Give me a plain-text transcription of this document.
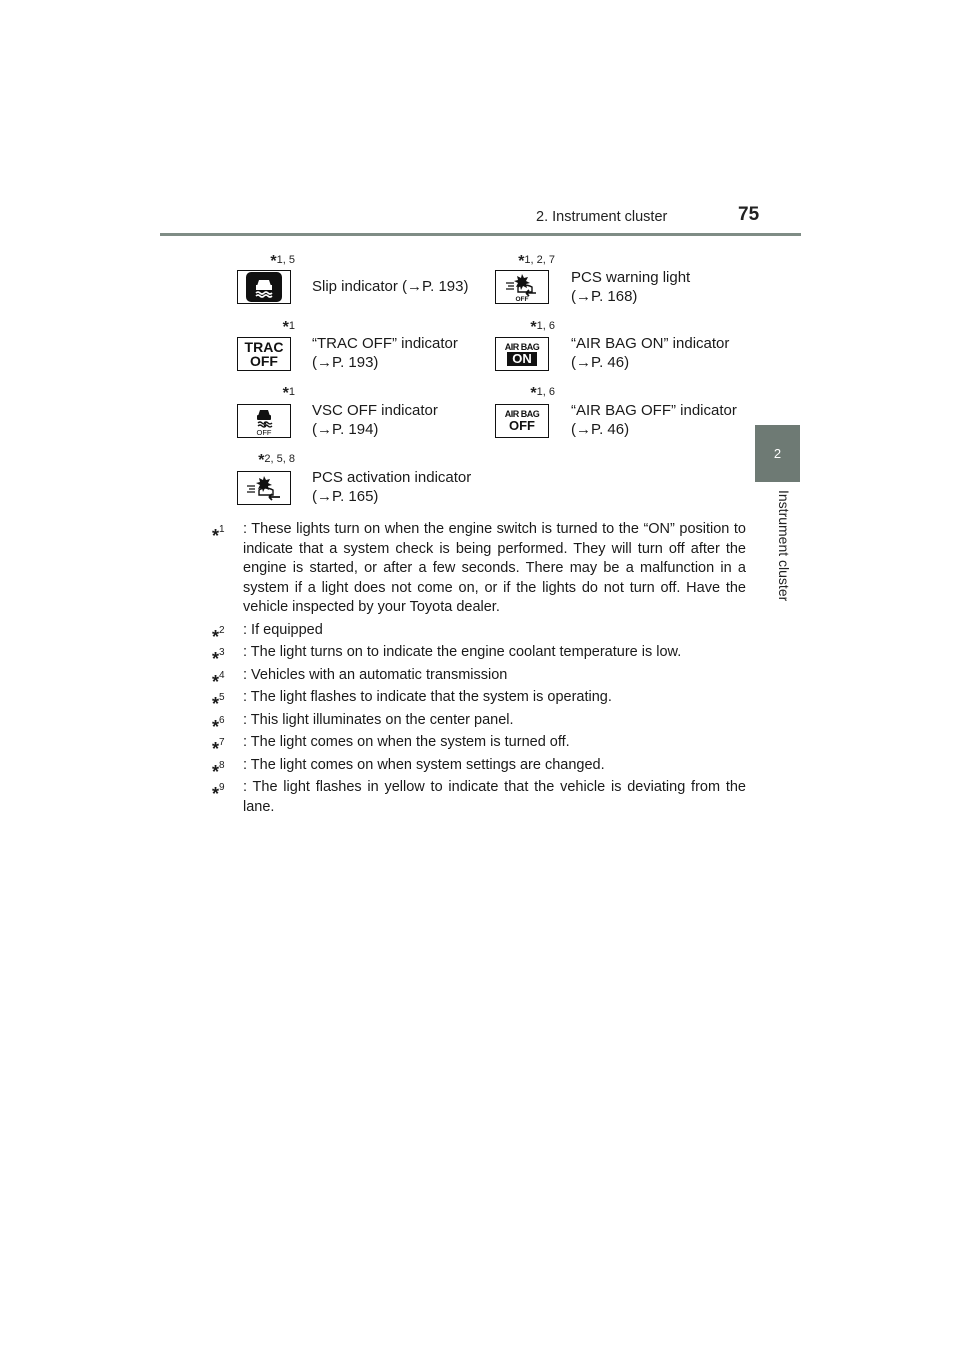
2. Instrument cluster	75
2
Instrument cluster
*1, 5
Slip indicator (→P. 193)
*1, 2, 7
OFF
PCS warning light
(→P. 168)
*1
TRAC
OFF
“TRAC OFF” indicator
(→P. 193)
*1, 6
AIR BAG
ON
“AIR BAG ON” indicator
(→P. 46)
*1
OFF
VSC OFF indicator
(→P. 194)
*1, 6
AIR BAG
OFF
“AIR BAG OFF” indicator
(→P. 46)
*2, 5, 8
PCS activation indicator
(→P. 165)
*$^1$ : These lights turn on when the engine switch is turned to the “ON” position to indicate that a system check is being performed. They will turn off after the engine is started, or after a few seconds. There may be a malfunction in a system if a light does not come on, or if the lights do not turn off. Have the vehicle inspected by your Toyota dealer.
*$^2$ : If equipped
*$^3$ : The light turns on to indicate the engine coolant temperature is low.
*$^4$ : Vehicles with an automatic transmission
*$^5$ : The light flashes to indicate that the system is operating.
*$^6$ : This light illuminates on the center panel.
*$^7$ : The light comes on when the system is turned off.
*$^8$ : The light comes on when system settings are changed.
*$^9$ : The light flashes in yellow to indicate that the vehicle is deviating from the lane.
